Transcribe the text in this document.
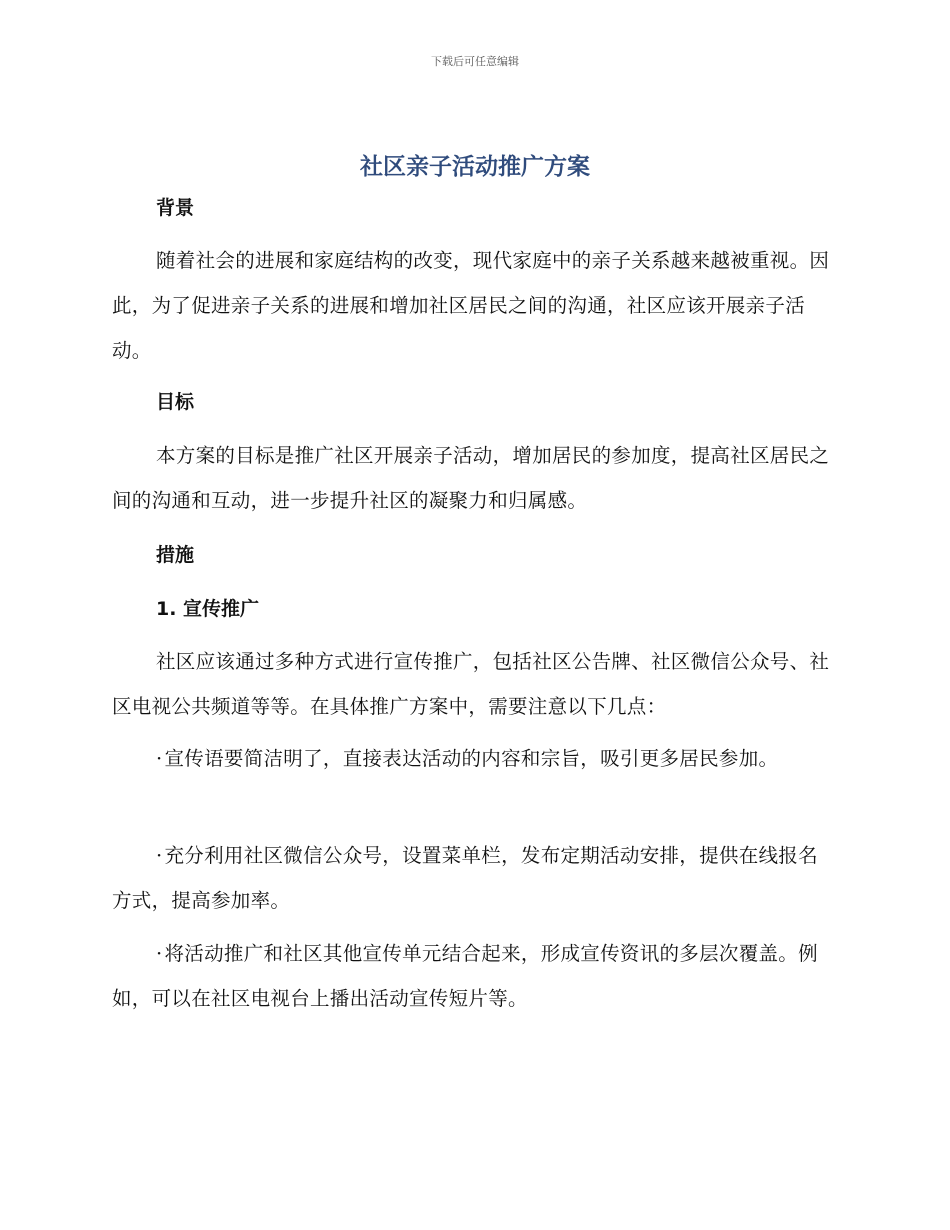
下载后可任意编辑
社区亲子活动推广方案
背景

随着社会的进展和家庭结构的改变，现代家庭中的亲子关系越来越被重视。因此，为了促进亲子关系的进展和增加社区居民之间的沟通，社区应该开展亲子活动。

目标

本方案的目标是推广社区开展亲子活动，增加居民的参加度，提高社区居民之间的沟通和互动，进一步提升社区的凝聚力和归属感。

措施
1. 宣传推广

社区应该通过多种方式进行宣传推广，包括社区公告牌、社区微信公众号、社区电视公共频道等等。在具体推广方案中，需要注意以下几点：

· 宣传语要简洁明了，直接表达活动的内容和宗旨，吸引更多居民参加。

· 充分利用社区微信公众号，设置菜单栏，发布定期活动安排，提供在线报名方式，提高参加率。

· 将活动推广和社区其他宣传单元结合起来，形成宣传资讯的多层次覆盖。例如，可以在社区电视台上播出活动宣传短片等。
